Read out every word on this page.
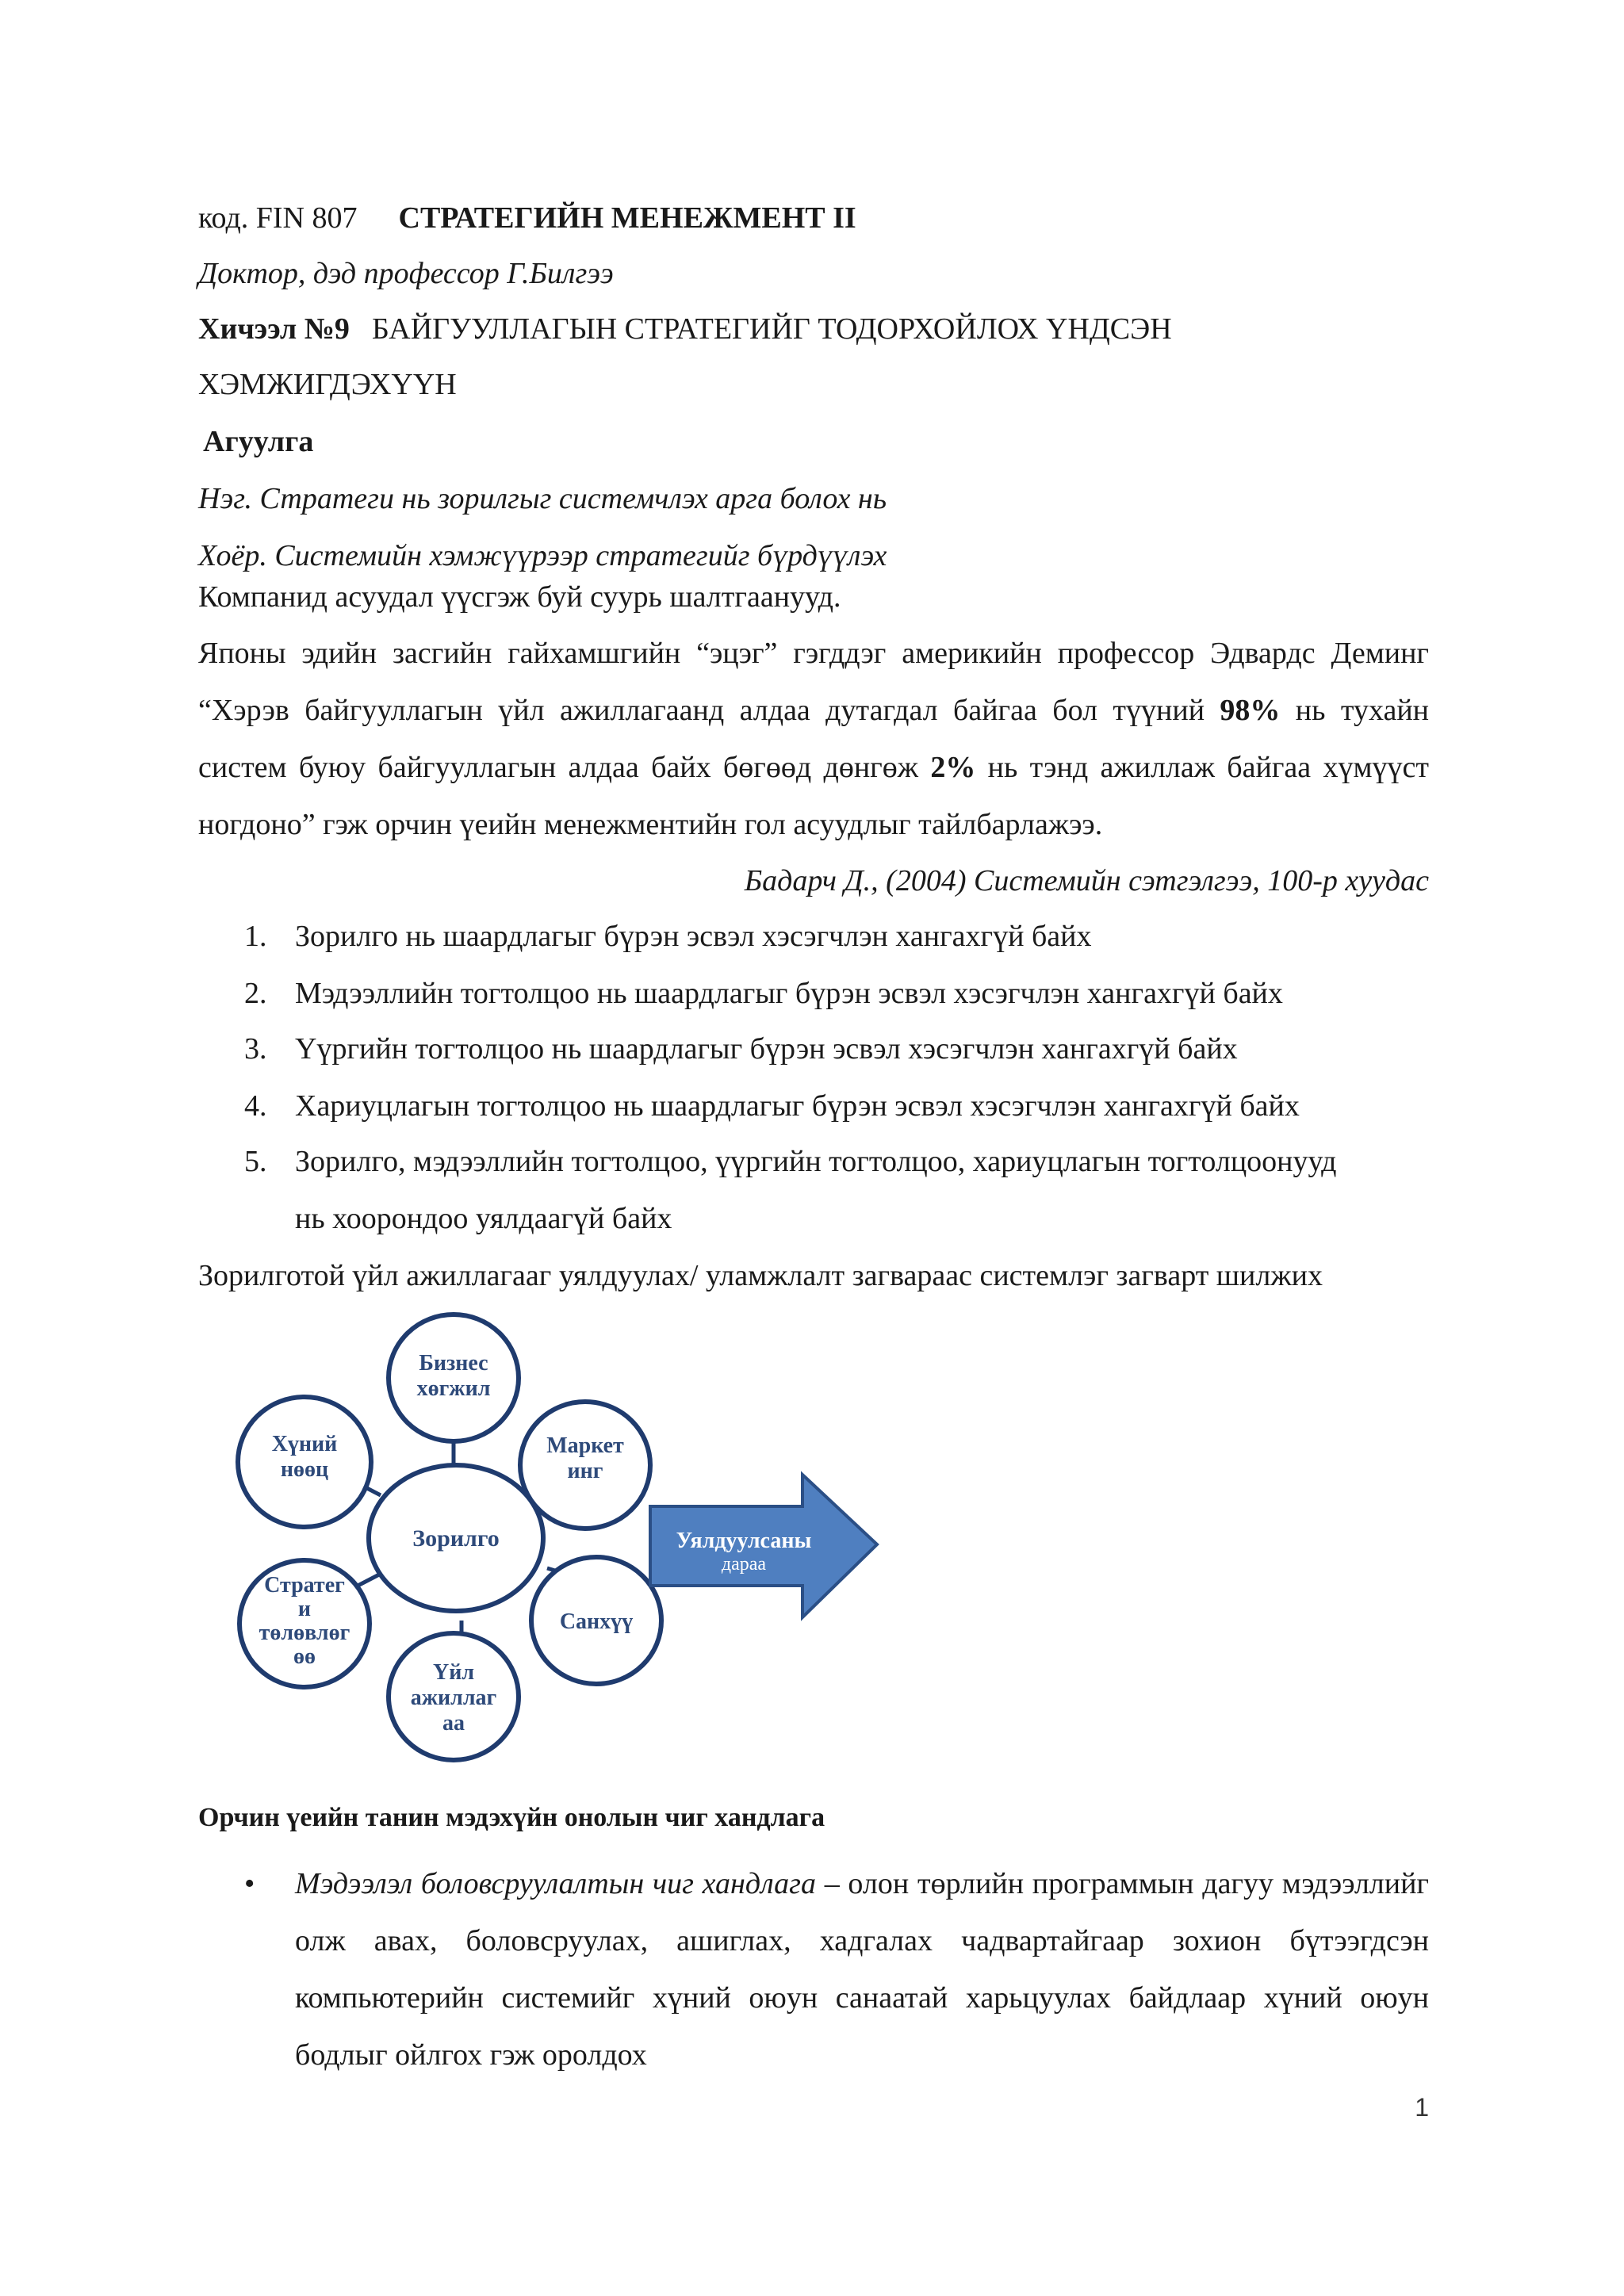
код. FIN 807 СТРАТЕГИЙН МЕНЕЖМЕНТ II
Доктор, дэд профессор Г.Билгээ
Хичээл №9 БАЙГУУЛЛАГЫН СТРАТЕГИЙГ ТОДОРХОЙЛОХ ҮНДСЭН
ХЭМЖИГДЭХҮҮН
Агуулга
Нэг. Стратеги нь зорилгыг системчлэх арга болох нь
Хоёр. Системийн хэмжүүрээр стратегийг бүрдүүлэх
Компанид асуудал үүсгэж буй суурь шалтгаанууд.
Японы эдийн засгийн гайхамшгийн “эцэг” гэгддэг америкийн профессор Эдвардс Деминг “Хэрэв байгууллагын үйл ажиллагаанд алдаа дутагдал байгаа бол түүний 98% нь тухайн систем буюу байгууллагын алдаа байх бөгөөд дөнгөж 2% нь тэнд ажиллаж байгаа хүмүүст ногдоно” гэж орчин үеийн менежментийн гол асуудлыг тайлбарлажээ.
Бадарч Д., (2004) Системийн сэтгэлгээ, 100-р хуудас
1. Зорилго нь шаардлагыг бүрэн эсвэл хэсэгчлэн хангахгүй байх
2. Мэдээллийн тогтолцоо нь шаардлагыг бүрэн эсвэл хэсэгчлэн хангахгүй байх
3. Үүргийн тогтолцоо нь шаардлагыг бүрэн эсвэл хэсэгчлэн хангахгүй байх
4. Хариуцлагын тогтолцоо нь шаардлагыг бүрэн эсвэл хэсэгчлэн хангахгүй байх
5. Зорилго, мэдээллийн тогтолцоо, үүргийн тогтолцоо, хариуцлагын тогтолцоонууд
нь хоорондоо уялдаагүй байх
Зорилготой үйл ажиллагааг уялдуулах/ уламжлалт загвараас системлэг загварт шилжих
Зорилго
Бизнес
хөгжил
Маркет
инг
Санхүү
Үйл
ажиллаг
аа
Стратег
и
төлөвлөг
өө
Хүний
нөөц
Уялдуулсаны
дараа
Орчин үеийн танин мэдэхүйн онолын чиг хандлага
• Мэдээлэл боловсруулалтын чиг хандлага – олон төрлийн программын дагуу мэдээллийг олж авах, боловсруулах, ашиглах, хадгалах чадвартайгаар зохион бүтээгдсэн компьютерийн системийг хүний оюун санаатай харьцуулах байдлаар хүний оюун бодлыг ойлгох гэж оролдох
1
